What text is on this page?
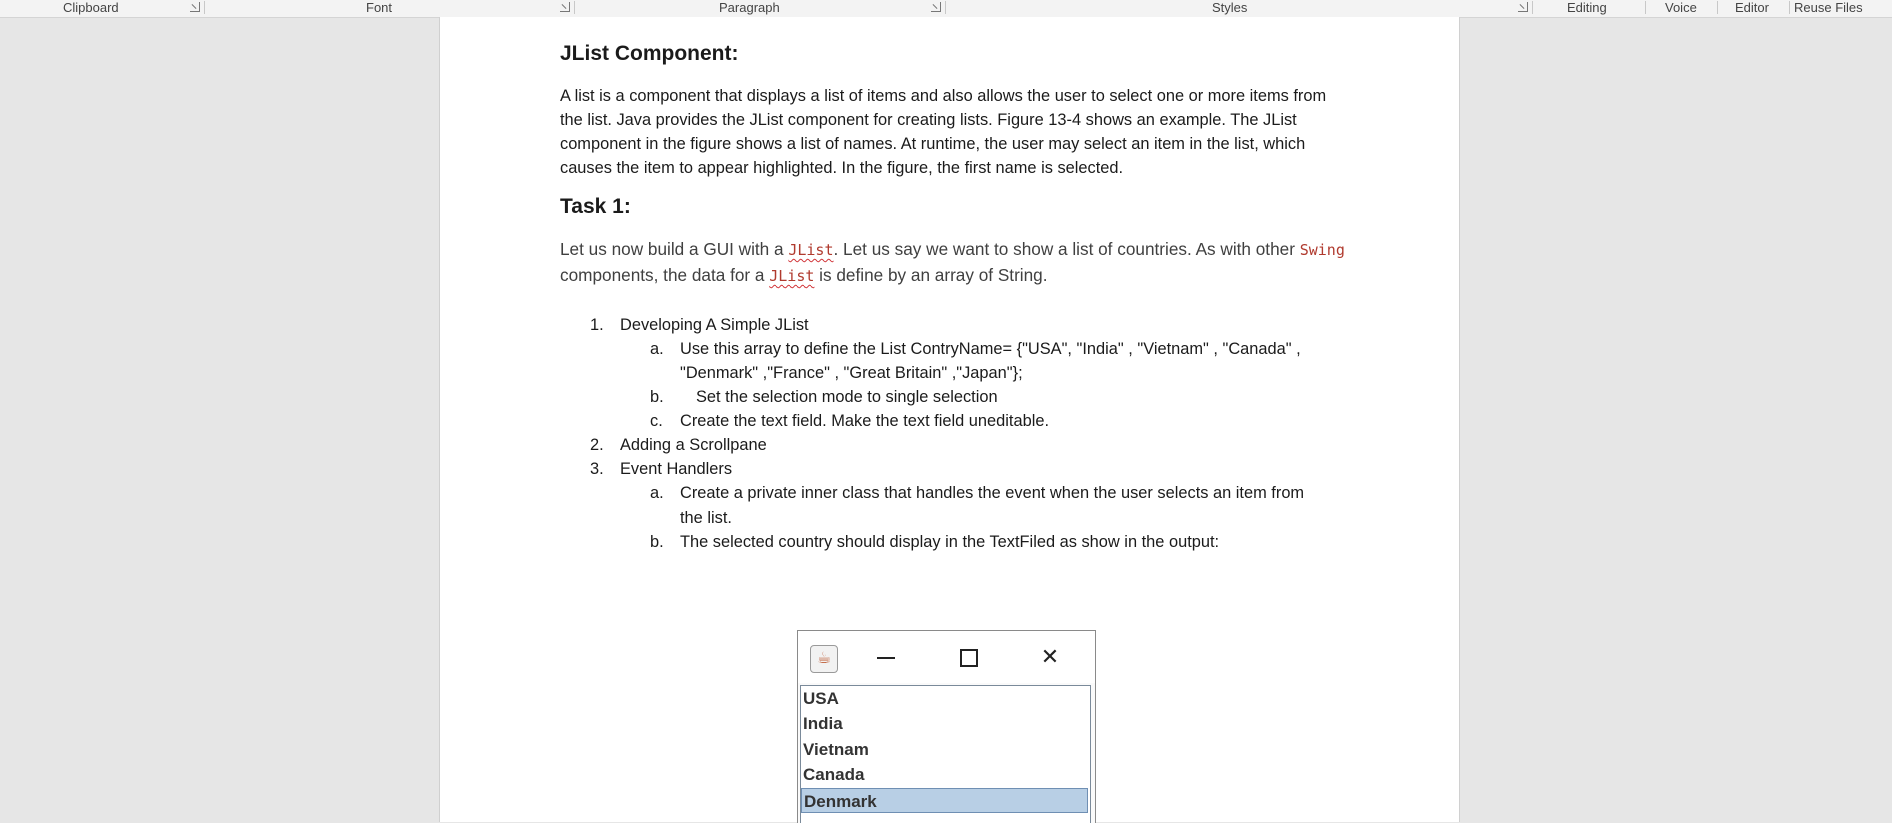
Clipboard	Font	Paragraph	Styles	Editing	Voice	Editor Reuse Files
JList Component:
A list is a component that displays a list of items and also allows the user to select one or more items from the list. Java provides the JList component for creating lists. Figure 13-4 shows an example. The JList component in the figure shows a list of names. At runtime, the user may select an item in the list, which causes the item to appear highlighted. In the figure, the first name is selected.
Task 1:
Let us now build a GUI with a JList. Let us say we want to show a list of countries. As with other Swing components, the data for a JList is define by an array of String.
1. Developing A Simple JList
a. Use this array to define the List ContryName= {"USA", "India" , "Vietnam" , "Canada" ,
"Denmark" ,"France" , "Great Britain" ,"Japan"};
b. Set the selection mode to single selection
c. Create the text field. Make the text field uneditable.
2. Adding a Scrollpane
3. Event Handlers
a. Create a private inner class that handles the event when the user selects an item from
the list.
b. The selected country should display in the TextFiled as show in the output:
☕	✕
USA
India
Vietnam
Canada
Denmark
